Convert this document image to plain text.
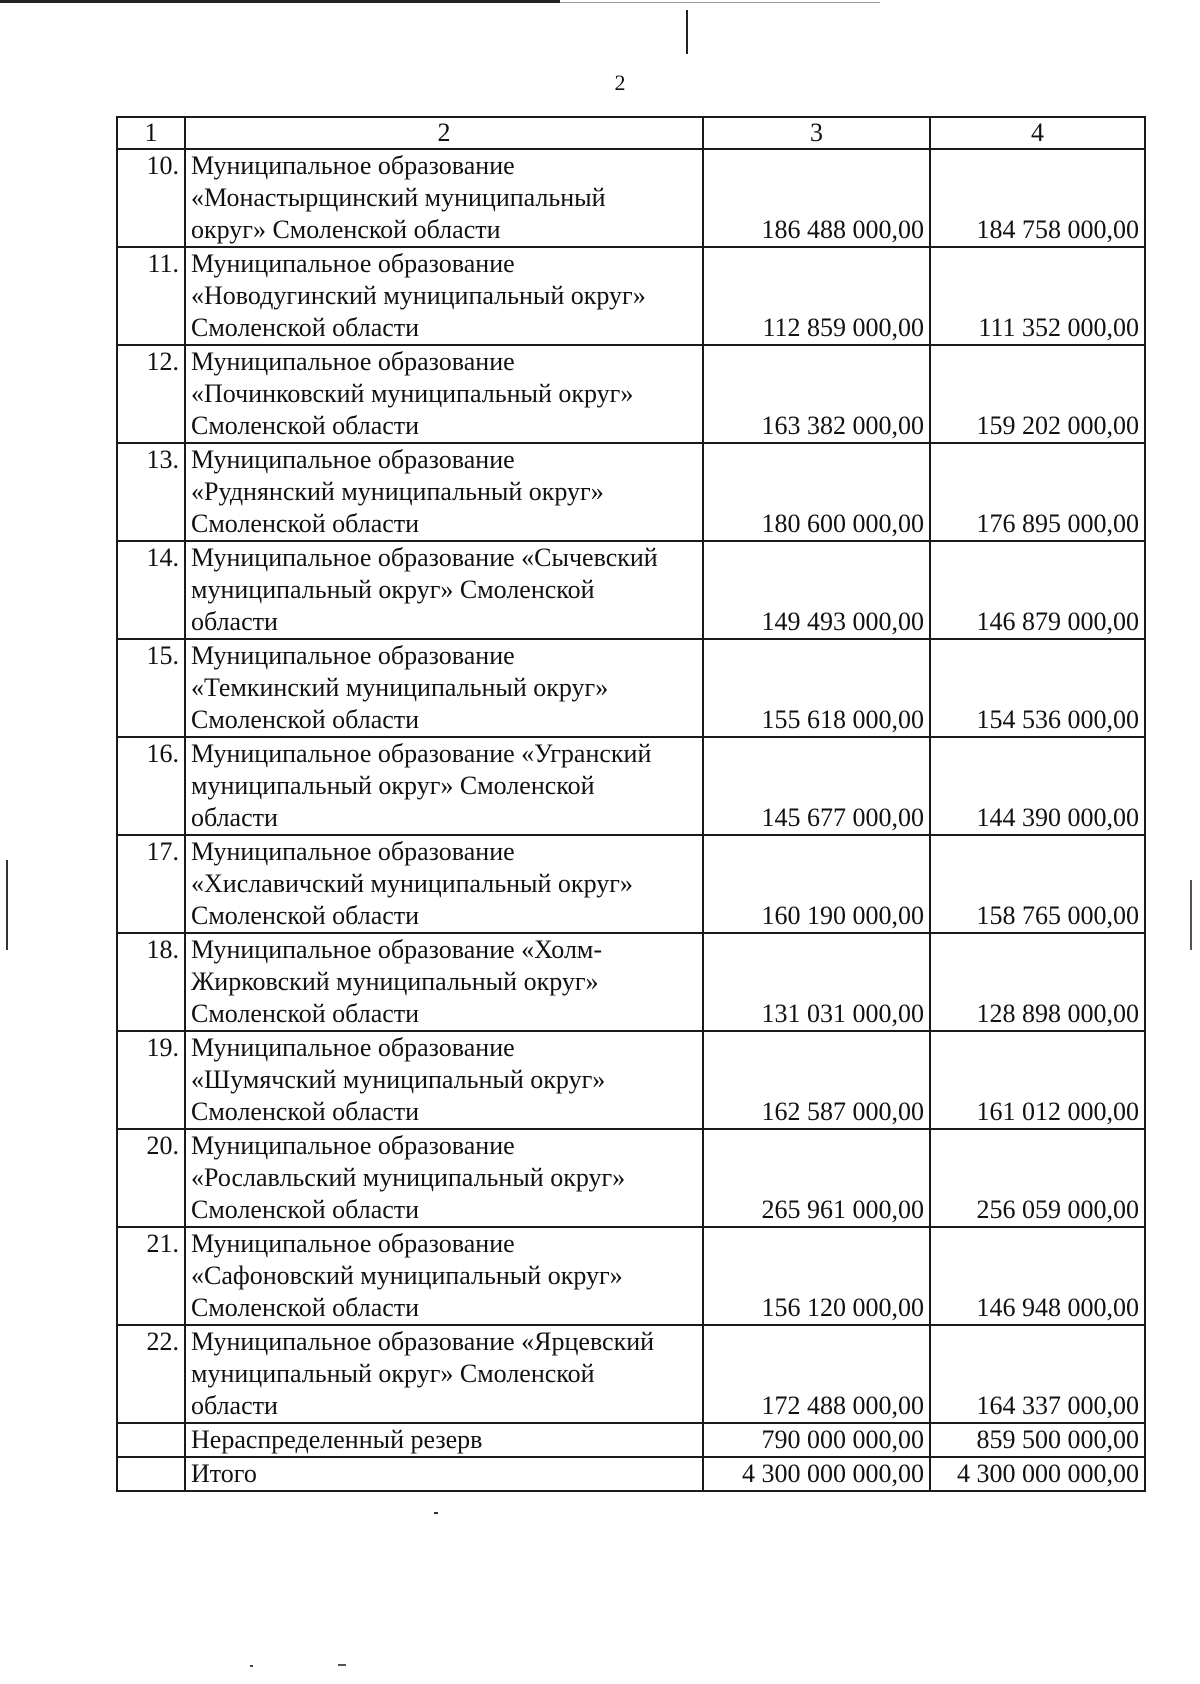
2
1	2	3	4
10.	Муниципальное образование
«Монастырщинский муниципальный
округ» Смоленской области	186 488 000,00	184 758 000,00
11.	Муниципальное образование
«Новодугинский муниципальный округ»
Смоленской области	112 859 000,00	111 352 000,00
12.	Муниципальное образование
«Починковский муниципальный округ»
Смоленской области	163 382 000,00	159 202 000,00
13.	Муниципальное образование
«Руднянский муниципальный округ»
Смоленской области	180 600 000,00	176 895 000,00
14.	Муниципальное образование «Сычевский
муниципальный округ» Смоленской
области	149 493 000,00	146 879 000,00
15.	Муниципальное образование
«Темкинский муниципальный округ»
Смоленской области	155 618 000,00	154 536 000,00
16.	Муниципальное образование «Угранский
муниципальный округ» Смоленской
области	145 677 000,00	144 390 000,00
17.	Муниципальное образование
«Хиславичский муниципальный округ»
Смоленской области	160 190 000,00	158 765 000,00
18.	Муниципальное образование «Холм-
Жирковский муниципальный округ»
Смоленской области	131 031 000,00	128 898 000,00
19.	Муниципальное образование
«Шумячский муниципальный округ»
Смоленской области	162 587 000,00	161 012 000,00
20.	Муниципальное образование
«Рославльский муниципальный округ»
Смоленской области	265 961 000,00	256 059 000,00
21.	Муниципальное образование
«Сафоновский муниципальный округ»
Смоленской области	156 120 000,00	146 948 000,00
22.	Муниципальное образование «Ярцевский
муниципальный округ» Смоленской
области	172 488 000,00	164 337 000,00
	Нераспределенный резерв	790 000 000,00	859 500 000,00
	Итого	4 300 000 000,00	4 300 000 000,00
